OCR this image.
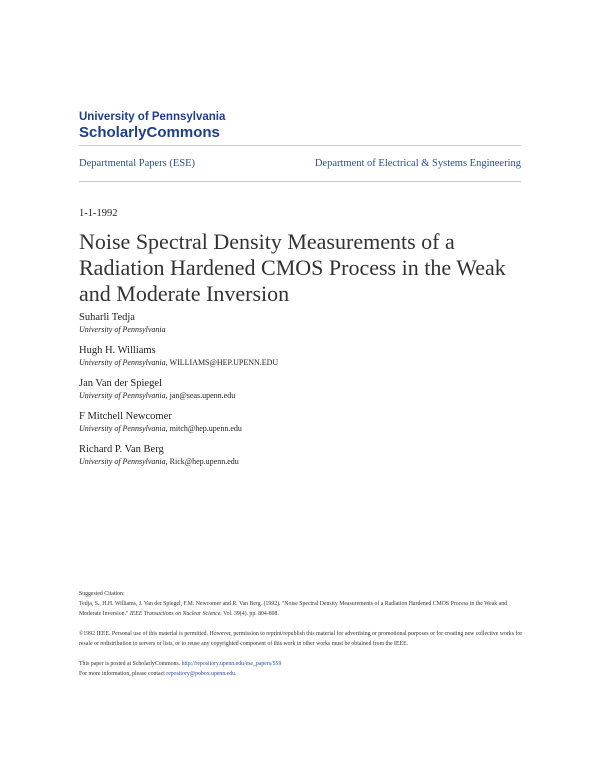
University of Pennsylvania
ScholarlyCommons
Departmental Papers (ESE)	Department of Electrical & Systems Engineering
1-1-1992
Noise Spectral Density Measurements of a Radiation Hardened CMOS Process in the Weak and Moderate Inversion
Suharli Tedja
University of Pennsylvania
Hugh H. Williams
University of Pennsylvania, WILLIAMS@HEP.UPENN.EDU
Jan Van der Spiegel
University of Pennsylvania, jan@seas.upenn.edu
F Mitchell Newcomer
University of Pennsylvania, mitch@hep.upenn.edu
Richard P. Van Berg
University of Pennsylvania, Rick@hep.upenn.edu

Suggested Citation:

Tedja, S., H.H. Williams, J. Van der Spiegel, F.M. Newcomer and R. Van Berg. (1992). "Noise Spectral Density Measurements of a Radiation Hardened CMOS Process in the Weak and Moderate Inversion." IEEE Transactions on Nuclear Science. Vol. 39(4). pp. 804-808.

©1992 IEEE. Personal use of this material is permitted. However, permission to reprint/republish this material for advertising or promotional purposes or for creating new collective works for resale or redistribution to servers or lists, or to reuse any copyrighted component of this work in other works must be obtained from the IEEE.

This paper is posted at ScholarlyCommons. http://repository.upenn.edu/ese_papers/559

For more information, please contact repository@pobox.upenn.edu.
